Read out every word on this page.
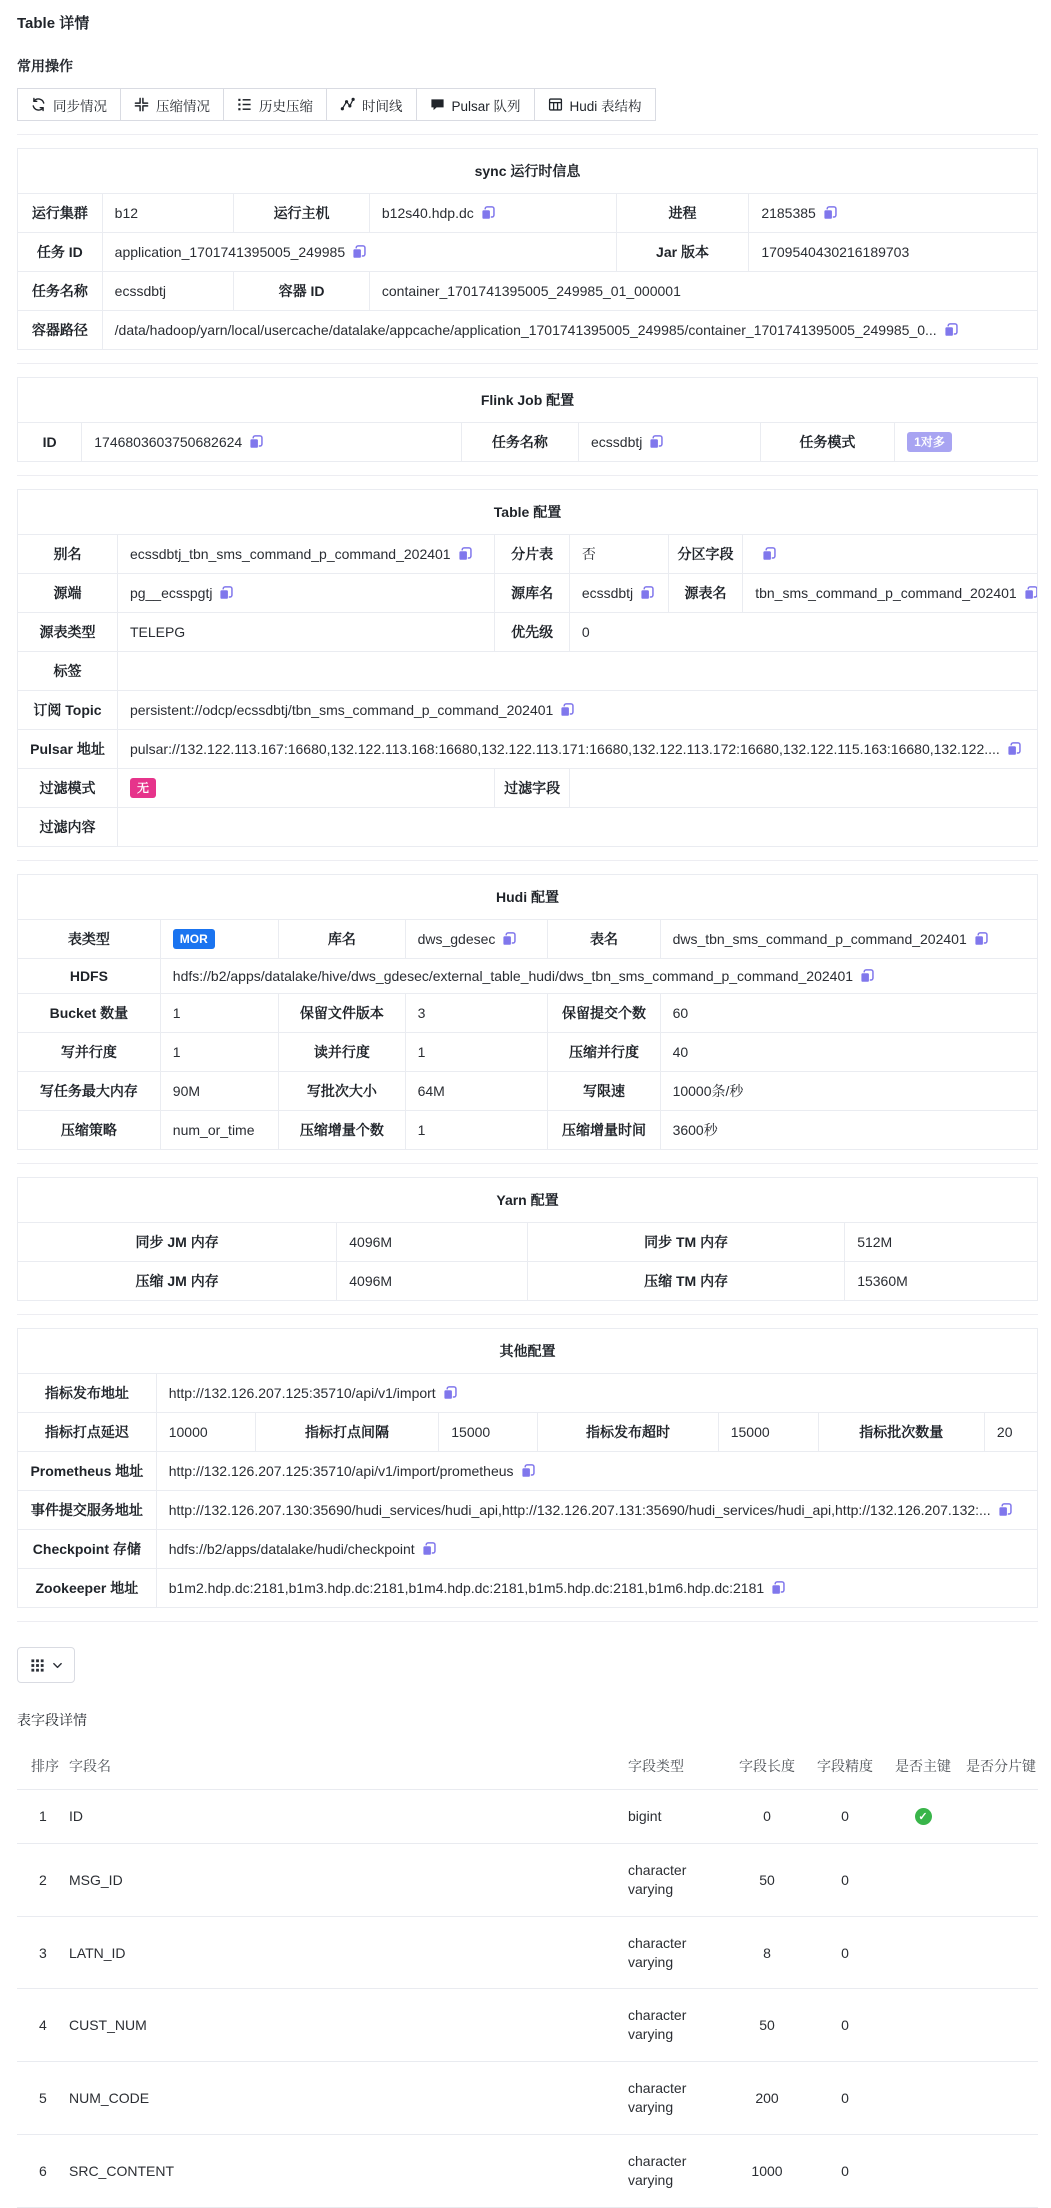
Table 详情
常用操作
同步情况	压缩情况	历史压缩	时间线	Pulsar 队列	Hudi 表结构
sync 运行时信息					
运行集群	b12	运行主机	b12s40.hdp.dc	进程	2185385

任务 ID	application_1701741395005_249985			Jar 版本	1709540430216189703
任务名称	ecssdbtj	容器 ID	container_1701741395005_249985_01_000001		
容器路径	/data/hadoop/yarn/local/usercache/datalake/appcache/application_1701741395005_249985/container_1701741395005_249985_0...				
Flink Job 配置
ID	1746803603750682624	任务名称	ecssdbtj	任务模式	1对多
Table 配置					
别名	ecssdbtj_tbn_sms_command_p_command_202401	分片表	否	分区字段	

源端	pg__ecsspgtj	源库名	ecssdbtj	源表名	tbn_sms_command_p_command_202401

源表类型	TELEPG	优先级	0		
标签					
订阅 Topic	persistent://odcp/ecssdbtj/tbn_sms_command_p_command_202401				

Pulsar 地址	pulsar://132.122.113.167:16680,132.122.113.168:16680,132.122.113.171:16680,132.122.113.172:16680,132.122.115.163:16680,132.122....				

过滤模式	无	过滤字段			
过滤内容					
Hudi 配置					
表类型	MOR	库名	dws_gdesec	表名	dws_tbn_sms_command_p_command_202401

HDFS	hdfs://b2/apps/datalake/hive/dws_gdesec/external_table_hudi/dws_tbn_sms_command_p_command_202401				

Bucket 数量	1	保留文件版本	3	保留提交个数	60
写并行度	1	读并行度	1	压缩并行度	40
写任务最大内存	90M	写批次大小	64M	写限速	10000条/秒
压缩策略	num_or_time	压缩增量个数	1	压缩增量时间	3600秒
Yarn 配置			
同步 JM 内存	4096M	同步 TM 内存	512M
压缩 JM 内存	4096M	压缩 TM 内存	15360M
其他配置							
指标发布地址	http://132.126.207.125:35710/api/v1/import						

指标打点延迟	10000	指标打点间隔	15000	指标发布超时	15000	指标批次数量	20
Prometheus 地址	http://132.126.207.125:35710/api/v1/import/prometheus						

事件提交服务地址	http://132.126.207.130:35690/hudi_services/hudi_api,http://132.126.207.131:35690/hudi_services/hudi_api,http://132.126.207.132:...						

Checkpoint 存储	hdfs://b2/apps/datalake/hudi/checkpoint						

Zookeeper 地址	b1m2.hdp.dc:2181,b1m3.hdp.dc:2181,b1m4.hdp.dc:2181,b1m5.hdp.dc:2181,b1m6.hdp.dc:2181						
表字段详情
排序	字段名	字段类型	字段长度	字段精度	是否主键	是否分片键
1	ID	bigint	0	0	✓	
2	MSG_ID	character varying	50	0		
3	LATN_ID	character varying	8	0		
4	CUST_NUM	character varying	50	0		
5	NUM_CODE	character varying	200	0		
6	SRC_CONTENT	character varying	1000	0		
